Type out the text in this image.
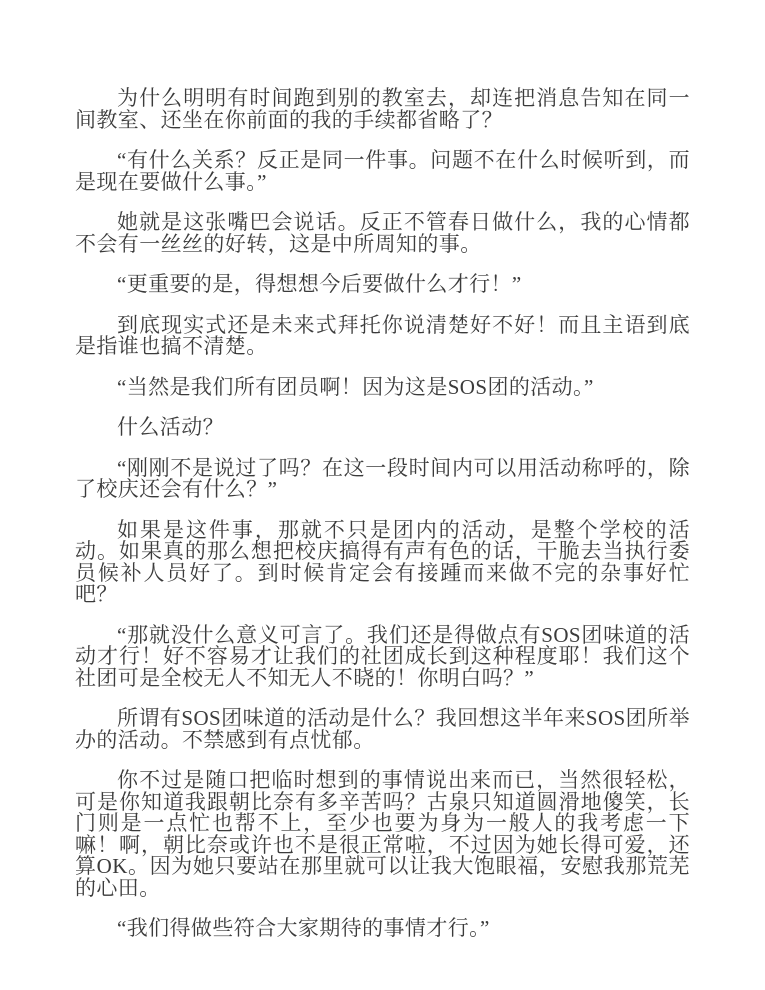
为什么明明有时间跑到别的教室去，却连把消息告知在同一间教室、还坐在你前面的我的手续都省略了？

“有什么关系？反正是同一件事。问题不在什么时候听到，而是现在要做什么事。”

她就是这张嘴巴会说话。反正不管春日做什么，我的心情都不会有一丝丝的好转，这是中所周知的事。

“更重要的是，得想想今后要做什么才行！”

到底现实式还是未来式拜托你说清楚好不好！而且主语到底是指谁也搞不清楚。

“当然是我们所有团员啊！因为这是SOS团的活动。”

什么活动？

“刚刚不是说过了吗？在这一段时间内可以用活动称呼的，除了校庆还会有什么？”

如果是这件事，那就不只是团内的活动，是整个学校的活动。如果真的那么想把校庆搞得有声有色的话，干脆去当执行委员候补人员好了。到时候肯定会有接踵而来做不完的杂事好忙吧？

“那就没什么意义可言了。我们还是得做点有SOS团味道的活动才行！好不容易才让我们的社团成长到这种程度耶！我们这个社团可是全校无人不知无人不晓的！你明白吗？”

所谓有SOS团味道的活动是什么？我回想这半年来SOS团所举办的活动。不禁感到有点忧郁。

你不过是随口把临时想到的事情说出来而已，当然很轻松，可是你知道我跟朝比奈有多辛苦吗？古泉只知道圆滑地傻笑，长门则是一点忙也帮不上，至少也要为身为一般人的我考虑一下嘛！啊，朝比奈或许也不是很正常啦，不过因为她长得可爱，还算OK。因为她只要站在那里就可以让我大饱眼福，安慰我那荒芜的心田。

“我们得做些符合大家期待的事情才行。”
